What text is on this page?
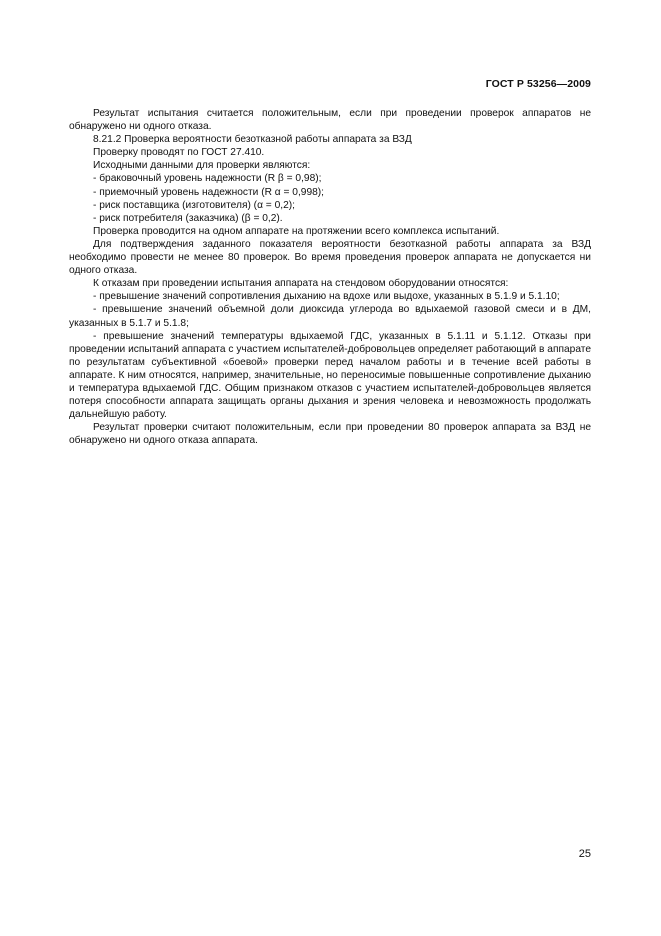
ГОСТ Р 53256—2009

Результат испытания считается положительным, если при проведении проверок аппаратов не обнаружено ни одного отказа.

8.21.2 Проверка вероятности безотказной работы аппарата за ВЗД

Проверку проводят по ГОСТ 27.410.

Исходными данными для проверки являются:

- браковочный уровень надежности (R β = 0,98);

- приемочный уровень надежности (R α = 0,998);

- риск поставщика (изготовителя) (α = 0,2);

- риск потребителя (заказчика) (β = 0,2).

Проверка проводится на одном аппарате на протяжении всего комплекса испытаний.

Для подтверждения заданного показателя вероятности безотказной работы аппарата за ВЗД необходимо провести не менее 80 проверок. Во время проведения проверок аппарата не допускается ни одного отказа.

К отказам при проведении испытания аппарата на стендовом оборудовании относятся:

- превышение значений сопротивления дыханию на вдохе или выдохе, указанных в 5.1.9 и 5.1.10;

- превышение значений объемной доли диоксида углерода во вдыхаемой газовой смеси и в ДМ, указанных в 5.1.7 и 5.1.8;

- превышение значений температуры вдыхаемой ГДС, указанных в 5.1.11 и 5.1.12. Отказы при проведении испытаний аппарата с участием испытателей-добровольцев определяет работающий в аппарате по результатам субъективной «боевой» проверки перед началом работы и в течение всей работы в аппарате. К ним относятся, например, значительные, но переносимые повышенные сопротивление дыханию и температура вдыхаемой ГДС. Общим признаком отказов с участием испытателей-добровольцев является потеря способности аппарата защищать органы дыхания и зрения человека и невозможность продолжать дальнейшую работу.

Результат проверки считают положительным, если при проведении 80 проверок аппарата за ВЗД не обнаружено ни одного отказа аппарата.

25
